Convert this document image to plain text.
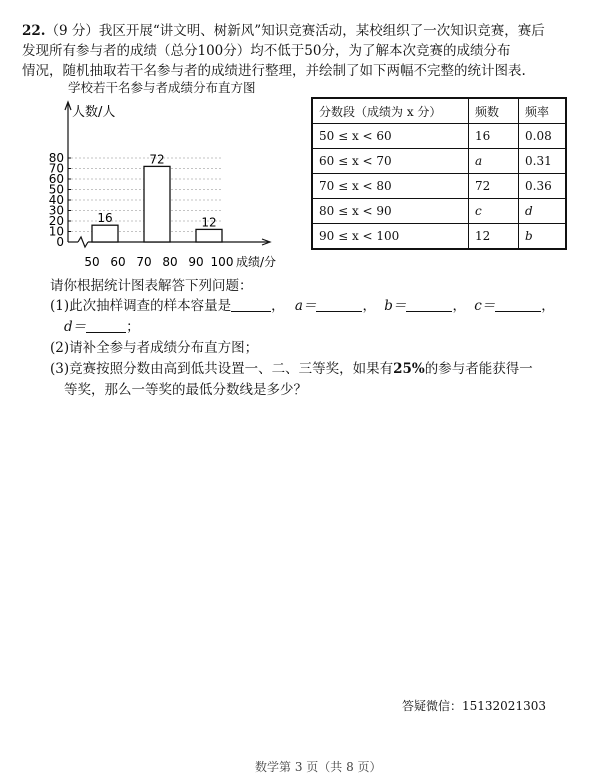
22.（9 分）我区开展“讲文明、树新风”知识竞赛活动，某校组织了一次知识竞赛，赛后
发现所有参与者的成绩（总分100分）均不低于50分，为了解本次竞赛的成绩分布
情况，随机抽取若干名参与者的成绩进行整理，并绘制了如下两幅不完整的统计图表.
学校若干名参与者成绩分布直方图
人数/人
成绩/分
0
10
20
30
40
50
60
70
80
50 60 70 80 90 100
16
72
12
分数段（成绩为 x 分）	频数	频率
50 ≤ x < 60	16	0.08
60 ≤ x < 70	a	0.31
70 ≤ x < 80	72	0.36
80 ≤ x < 90	c	d
90 ≤ x < 100	12	b
请你根据统计图表解答下列问题：
(1)此次抽样调查的样本容量是	， a＝	， b＝	， c＝	，
d＝	；
(2)请补全参与者成绩分布直方图；
(3)竞赛按照分数由高到低共设置一、二、三等奖，如果有25%的参与者能获得一
等奖，那么一等奖的最低分数线是多少？
答疑微信：15132021303
数学第 3 页（共 8 页）
